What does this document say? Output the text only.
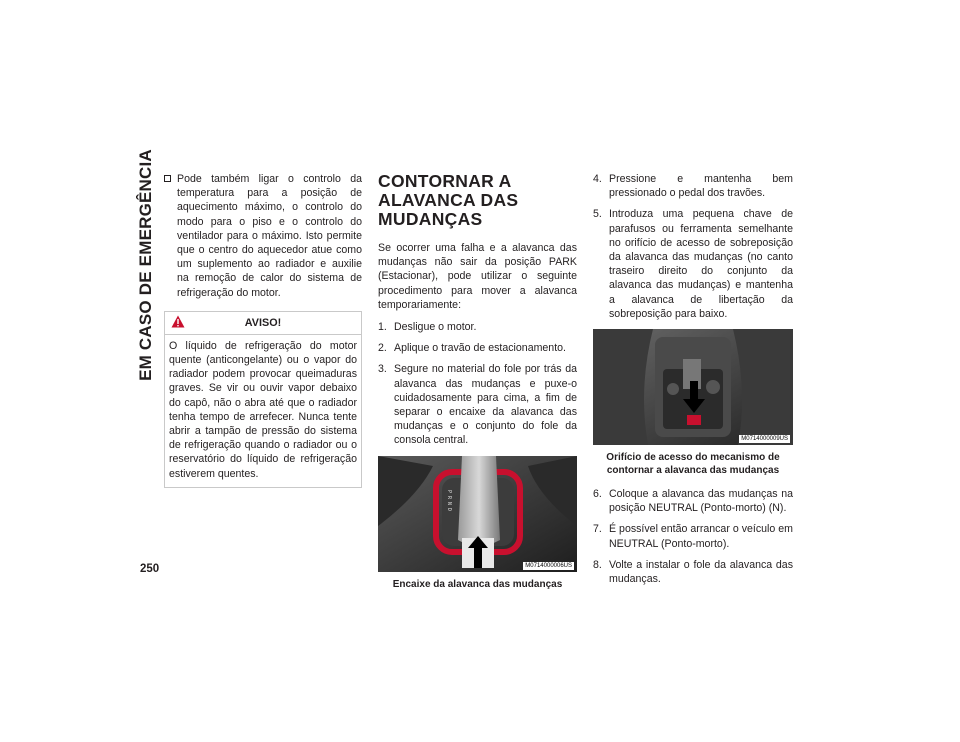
EM CASO DE EMERGÊNCIA
250

Pode também ligar o controlo da temperatura para a posição de aquecimento máximo, o controlo do modo para o piso e o controlo do ventilador para o máximo. Isto permite que o centro do aquecedor atue como um suplemento ao radiador e auxilie na remoção de calor do sistema de refrigeração do motor.

AVISO!

O líquido de refrigeração do motor quente (anticongelante) ou o vapor do radiador podem provocar queimaduras graves. Se vir ou ouvir vapor debaixo do capô, não o abra até que o radiador tenha tempo de arrefecer. Nunca tente abrir a tampão de pressão do sistema de refrigeração quando o radiador ou o reservatório do líquido de refrigeração estiverem quentes.

CONTORNAR A ALAVANCA DAS MUDANÇAS

Se ocorrer uma falha e a alavanca das mudanças não sair da posição PARK (Estacionar), pode utilizar o seguinte procedimento para mover a alavanca temporariamente:

1. Desligue o motor.
2. Aplique o travão de estacionamento.
3. Segure no material do fole por trás da alavanca das mudanças e puxe-o cuidadosamente para cima, a fim de separar o encaixe da alavanca das mudanças e o conjunto do fole da consola central.
P R N D
M0714000006US
Encaixe da alavanca das mudanças
4. Pressione e mantenha bem pressionado o pedal dos travões.
5. Introduza uma pequena chave de parafusos ou ferramenta semelhante no orifício de acesso de sobreposição da alavanca das mudanças (no canto traseiro direito do conjunto da alavanca das mudanças) e mantenha a alavanca de libertação da sobreposição para baixo.
M0714000009US
Orifício de acesso do mecanismo de contornar a alavanca das mudanças
6. Coloque a alavanca das mudanças na posição NEUTRAL (Ponto-morto) (N).
7. É possível então arrancar o veículo em NEUTRAL (Ponto-morto).
8. Volte a instalar o fole da alavanca das mudanças.
